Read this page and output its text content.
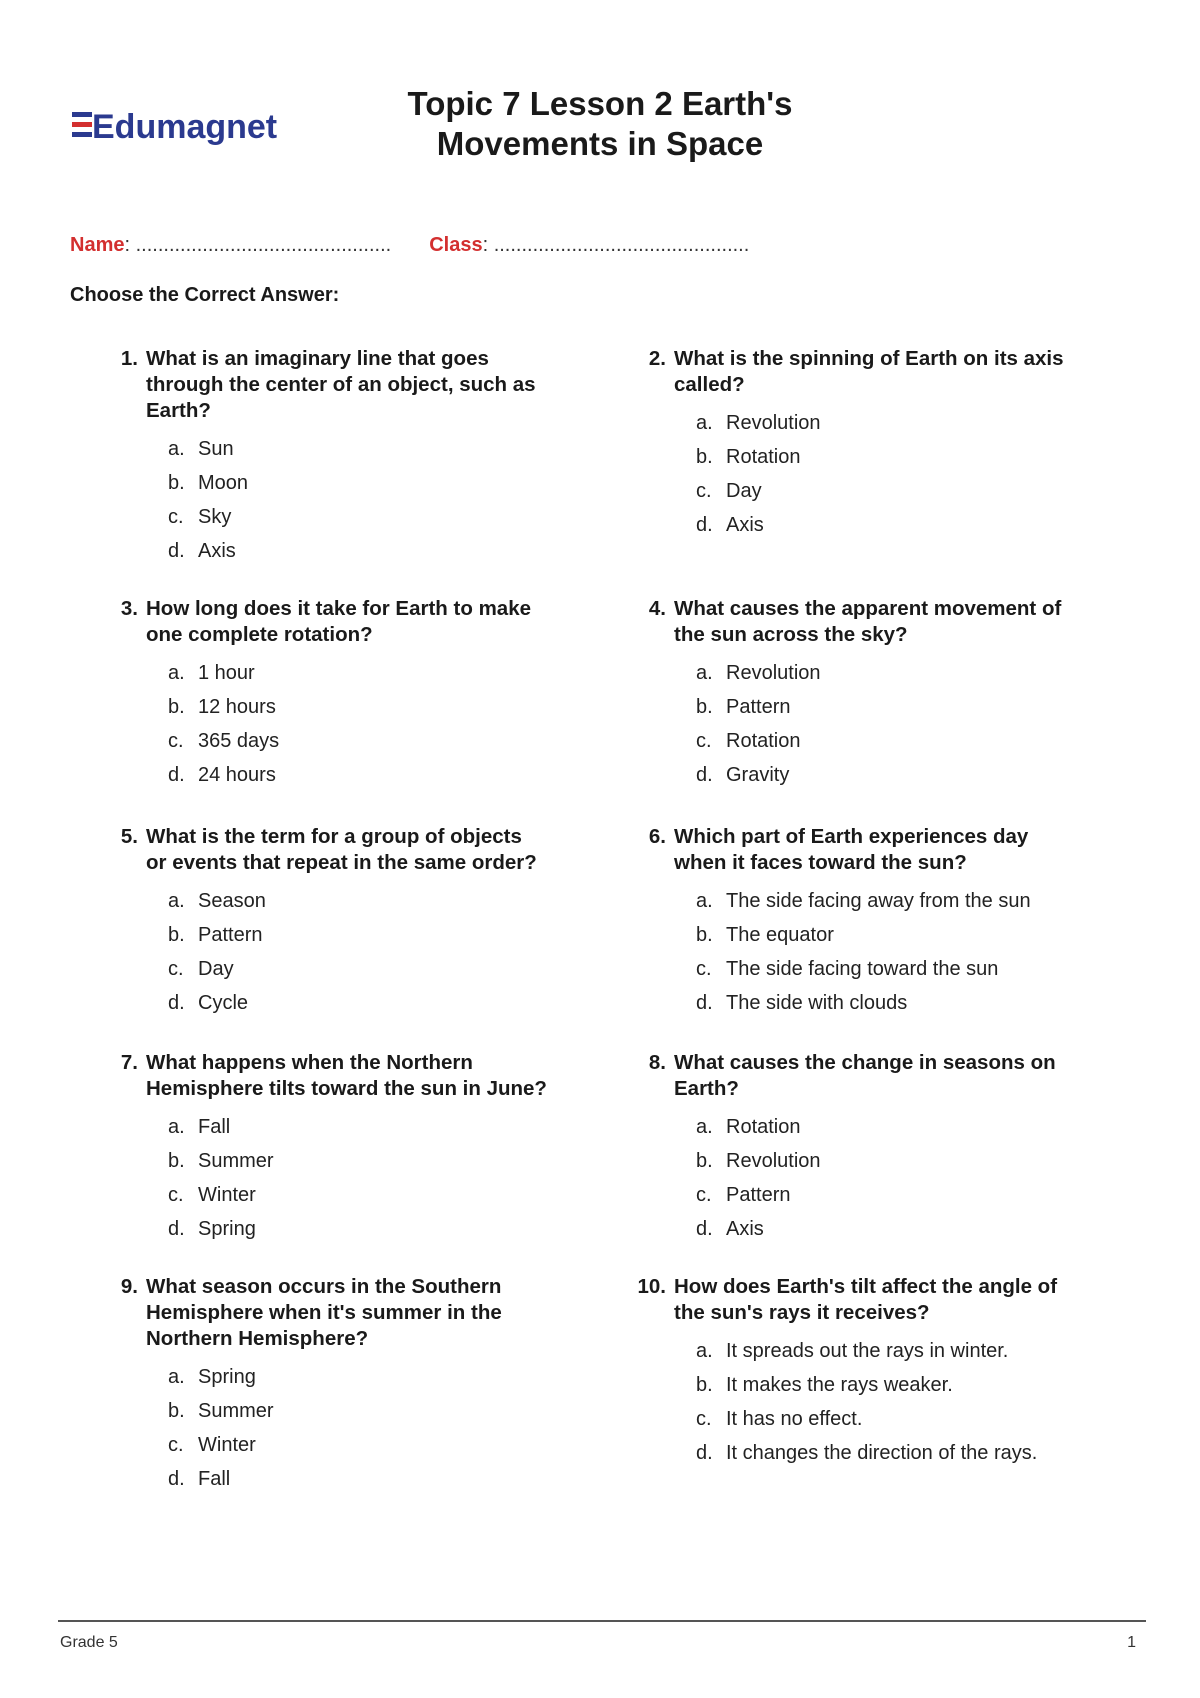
Edumagnet
Topic 7 Lesson 2 Earth's
Movements in Space
Name : .............................................. Class : ..............................................
Choose the Correct Answer:
1. What is an imaginary line that goes through the center of an object, such as Earth?
a. Sun
b. Moon
c. Sky
d. Axis
2. What is the spinning of Earth on its axis called?
a. Revolution
b. Rotation
c. Day
d. Axis
3. How long does it take for Earth to make one complete rotation?
a. 1 hour
b. 12 hours
c. 365 days
d. 24 hours
4. What causes the apparent movement of the sun across the sky?
a. Revolution
b. Pattern
c. Rotation
d. Gravity
5. What is the term for a group of objects or events that repeat in the same order?
a. Season
b. Pattern
c. Day
d. Cycle
6. Which part of Earth experiences day when it faces toward the sun?
a. The side facing away from the sun
b. The equator
c. The side facing toward the sun
d. The side with clouds
7. What happens when the Northern Hemisphere tilts toward the sun in June?
a. Fall
b. Summer
c. Winter
d. Spring
8. What causes the change in seasons on Earth?
a. Rotation
b. Revolution
c. Pattern
d. Axis
9. What season occurs in the Southern Hemisphere when it's summer in the Northern Hemisphere?
a. Spring
b. Summer
c. Winter
d. Fall
10. How does Earth's tilt affect the angle of the sun's rays it receives?
a. It spreads out the rays in winter.
b. It makes the rays weaker.
c. It has no effect.
d. It changes the direction of the rays.
Grade 5	1
